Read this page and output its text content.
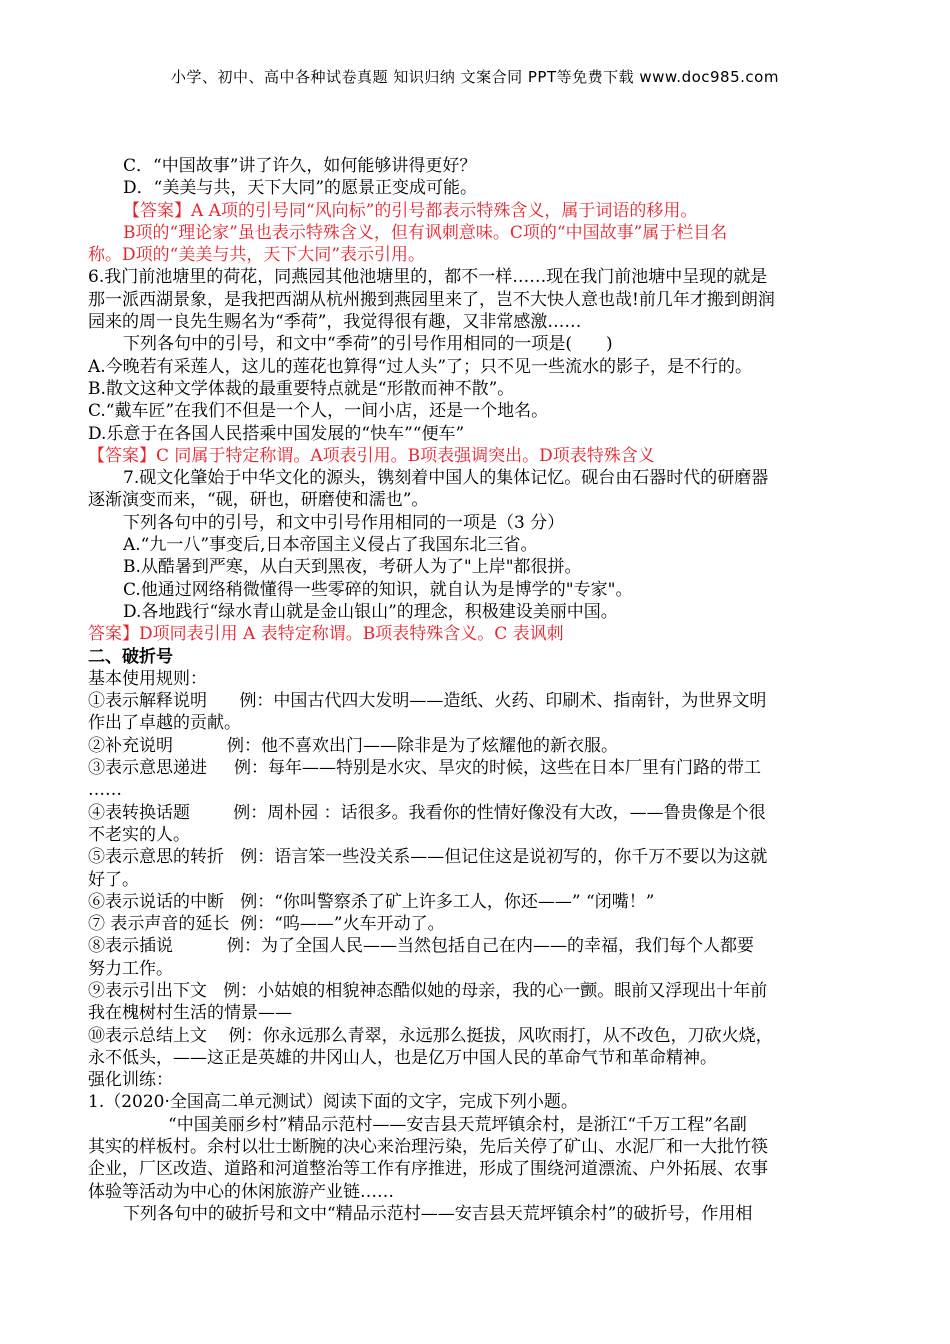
小学、初中、高中各种试卷真题 知识归纳 文案合同 PPT等免费下载 www.doc985.com

C．“中国故事”讲了许久，如何能够讲得更好？

D．“美美与共，天下大同”的愿景正变成可能。

【答案】A A项的引号同“风向标”的引号都表示特殊含义，属于词语的移用。

B项的“理论家”虽也表示特殊含义，但有讽刺意味。C项的“中国故事”属于栏目名

称。D项的“美美与共，天下大同”表示引用。

6.我门前池塘里的荷花，同燕园其他池塘里的，都不一样……现在我门前池塘中呈现的就是

那一派西湖景象，是我把西湖从杭州搬到燕园里来了，岂不大快人意也哉!前几年才搬到朗润

园来的周一良先生赐名为“季荷”，我觉得很有趣，又非常感激……

下列各句中的引号，和文中“季荷”的引号作用相同的一项是(　　)

A.今晚若有采莲人，这儿的莲花也算得“过人头”了；只不见一些流水的影子，是不行的。

B.散文这种文学体裁的最重要特点就是“形散而神不散”。

C.“戴车匠”在我们不但是一个人，一间小店，还是一个地名。

D.乐意于在各国人民搭乘中国发展的“快车”“便车”

【答案】C 同属于特定称谓。A项表引用。B项表强调突出。D项表特殊含义

7.砚文化肇始于中华文化的源头，镌刻着中国人的集体记忆。砚台由石器时代的研磨器

逐渐演变而来，“砚，研也，研磨使和濡也”。

下列各句中的引号，和文中引号作用相同的一项是（3 分）

A.“九一八”事变后,日本帝国主义侵占了我国东北三省。

B.从酷暑到严寒，从白天到黑夜，考研人为了"上岸"都很拼。

C.他通过网络稍微懂得一些零碎的知识，就自认为是博学的"专家"。

D.各地践行“绿水青山就是金山银山”的理念，积极建设美丽中国。

答案】D项同表引用 A 表特定称谓。B项表特殊含义。C 表讽刺

二、破折号

基本使用规则：

①表示解释说明 例：中国古代四大发明——造纸、火药、印刷术、指南针，为世界文明

作出了卓越的贡献。

②补充说明 例：他不喜欢出门——除非是为了炫耀他的新衣服。

③表示意思递进 例：每年——特别是水灾、旱灾的时候，这些在日本厂里有门路的带工

……

④表转换话题 例：周朴园 ：话很多。我看你的性情好像没有大改，——鲁贵像是个很

不老实的人。

⑤表示意思的转折 例：语言笨一些没关系——但记住这是说初写的，你千万不要以为这就

好了。

⑥表示说话的中断 例：“你叫警察杀了矿上许多工人，你还——” “闭嘴！”

⑦ 表示声音的延长 例：“呜——”火车开动了。

⑧表示插说 例：为了全国人民——当然包括自己在内——的幸福，我们每个人都要

努力工作。

⑨表示引出下文 例：小姑娘的相貌神态酷似她的母亲，我的心一颤。眼前又浮现出十年前

我在槐树村生活的情景——

⑩表示总结上文 例：你永远那么青翠，永远那么挺拔，风吹雨打，从不改色，刀砍火烧，

永不低头，——这正是英雄的井冈山人，也是亿万中国人民的革命气节和革命精神。

强化训练：

1.（2020·全国高二单元测试）阅读下面的文字，完成下列小题。

“中国美丽乡村”精品示范村——安吉县天荒坪镇余村，是浙江“千万工程”名副

其实的样板村。余村以壮士断腕的决心来治理污染，先后关停了矿山、水泥厂和一大批竹筷

企业，厂区改造、道路和河道整治等工作有序推进，形成了围绕河道漂流、户外拓展、农事

体验等活动为中心的休闲旅游产业链……

下列各句中的破折号和文中“精品示范村——安吉县天荒坪镇余村”的破折号，作用相
